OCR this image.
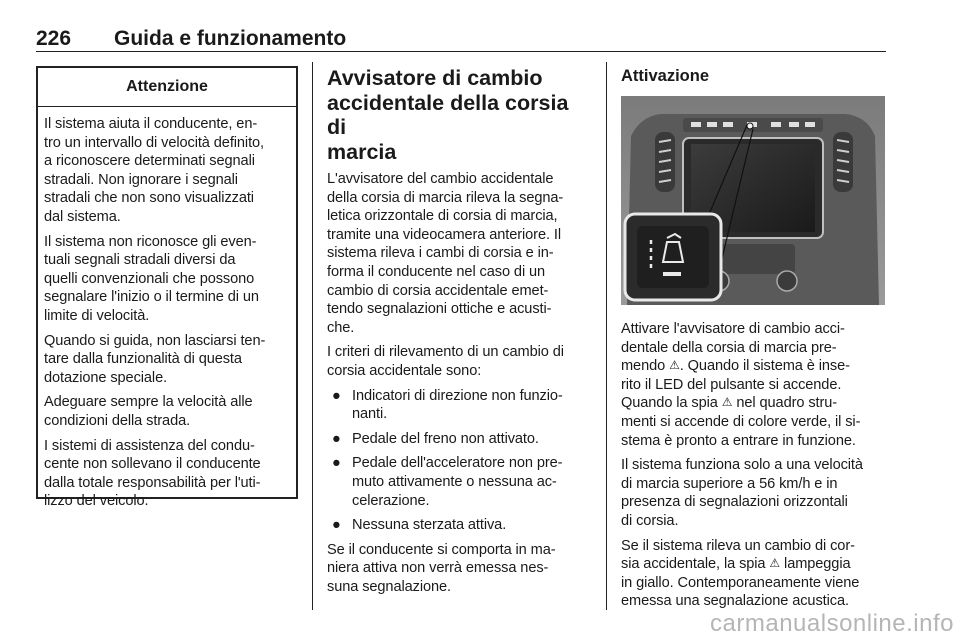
226 Guida e funzionamento
Attenzione

Il sistema aiuta il conducente, en-
tro un intervallo di velocità definito,
a riconoscere determinati segnali
stradali. Non ignorare i segnali
stradali che non sono visualizzati
dal sistema.

Il sistema non riconosce gli even-
tuali segnali stradali diversi da
quelli convenzionali che possono
segnalare l'inizio o il termine di un
limite di velocità.

Quando si guida, non lasciarsi ten-
tare dalla funzionalità di questa
dotazione speciale.

Adeguare sempre la velocità alle
condizioni della strada.

I sistemi di assistenza del condu-
cente non sollevano il conducente
dalla totale responsabilità per l'uti-
lizzo del veicolo.

Avvisatore di cambio
accidentale della corsia di
marcia

L'avvisatore del cambio accidentale
della corsia di marcia rileva la segna-
letica orizzontale di corsia di marcia,
tramite una videocamera anteriore. Il
sistema rileva i cambi di corsia e in-
forma il conducente nel caso di un
cambio di corsia accidentale emet-
tendo segnalazioni ottiche e acusti-
che.

I criteri di rilevamento di un cambio di
corsia accidentale sono:

● Indicatori di direzione non funzio-
nanti.

● Pedale del freno non attivato.

● Pedale dell'acceleratore non pre-
muto attivamente o nessuna ac-
celerazione.

● Nessuna sterzata attiva.

Se il conducente si comporta in ma-
niera attiva non verrà emessa nes-
suna segnalazione.

Attivazione

Attivare l'avvisatore di cambio acci-
dentale della corsia di marcia pre-
mendo ⚠. Quando il sistema è inse-
rito il LED del pulsante si accende.
Quando la spia ⚠ nel quadro stru-
menti si accende di colore verde, il si-
stema è pronto a entrare in funzione.

Il sistema funziona solo a una velocità
di marcia superiore a 56 km/h e in
presenza di segnalazioni orizzontali
di corsia.

Se il sistema rileva un cambio di cor-
sia accidentale, la spia ⚠ lampeggia
in giallo. Contemporaneamente viene
emessa una segnalazione acustica.

carmanualsonline.info
